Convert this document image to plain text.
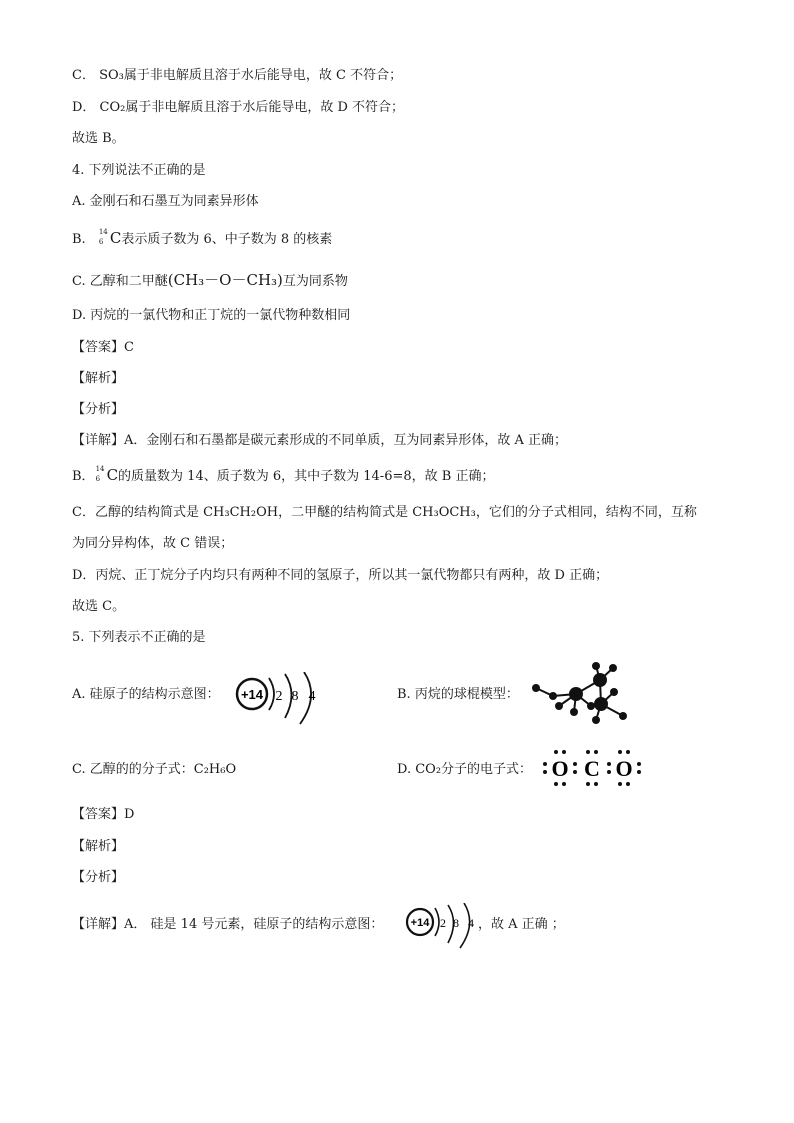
C． SO₃属于非电解质且溶于水后能导电，故 C 不符合；
D． CO₂属于非电解质且溶于水后能导电，故 D 不符合；
故选 B。
4. 下列说法不正确的是
A. 金刚石和石墨互为同素异形体
B. 14
6 C表示质子数为 6、中子数为 8 的核素
C. 乙醇和二甲醚(CH₃－O－CH₃)互为同系物
D. 丙烷的一氯代物和正丁烷的一氯代物种数相同
【答案】C
【解析】
【分析】
【详解】A．金刚石和石墨都是碳元素形成的不同单质，互为同素异形体，故 A 正确；
B． 14
6 C的质量数为 14、质子数为 6，其中子数为 14-6=8，故 B 正确；
C．乙醇的结构简式是 CH₃CH₂OH，二甲醚的结构简式是 CH₃OCH₃，它们的分子式相同，结构不同，互称
为同分异构体，故 C 错误；
D．丙烷、正丁烷分子内均只有两种不同的氢原子，所以其一氯代物都只有两种，故 D 正确；
故选 C。
5. 下列表示不正确的是
A. 硅原子的结构示意图： +14 2 8 4	B. 丙烷的球棍模型：
C. 乙醇的的分子式：C₂H₆O	D. CO₂分子的电子式： O C O
【答案】D
【解析】
【分析】
【详解】A． 硅是 14 号元素，硅原子的结构示意图： +14 2 8 4 ，故 A 正确 ；
